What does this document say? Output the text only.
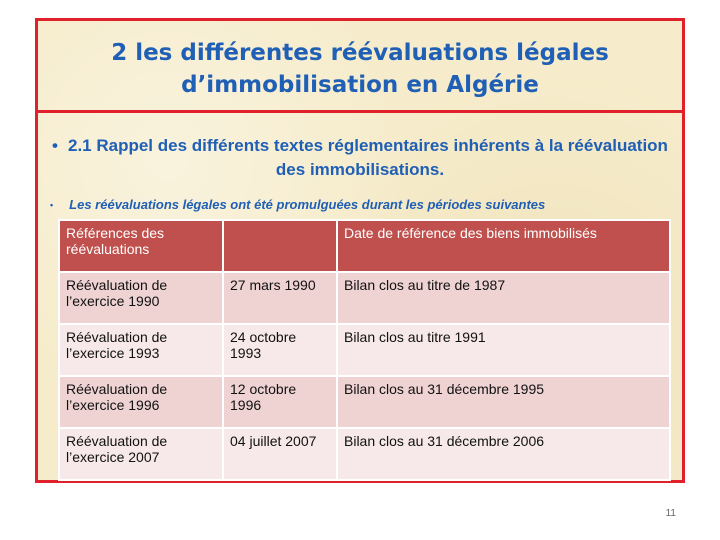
2 les différentes réévaluations légales
d’immobilisation en Algérie
• 2.1 Rappel des différents textes réglementaires inhérents à la réévaluation des immobilisations.
• Les réévaluations légales ont été promulguées durant les périodes suivantes
Références des réévaluations		Date de référence des biens immobilisés
Réévaluation de l’exercice 1990	27 mars 1990	Bilan clos au titre de 1987
Réévaluation de l’exercice 1993	24 octobre 1993	Bilan clos au titre 1991
Réévaluation de l’exercice 1996	12 octobre 1996	Bilan clos au 31 décembre 1995
Réévaluation de l’exercice 2007	04 juillet 2007	Bilan clos au 31 décembre 2006
11
